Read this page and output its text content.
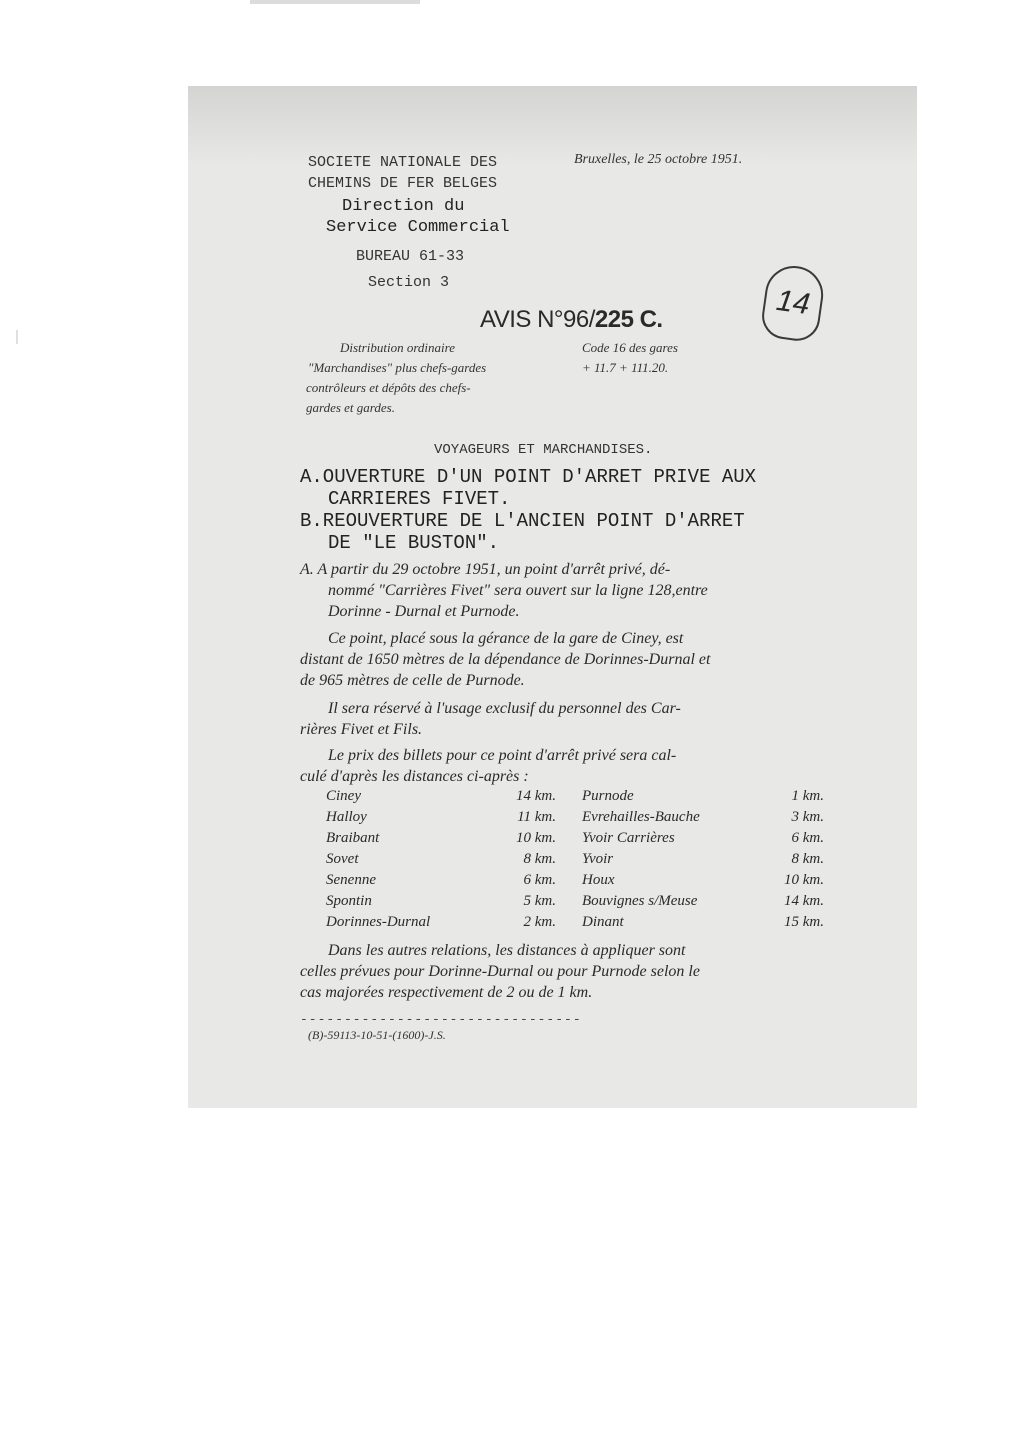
SOCIETE NATIONALE DES
CHEMINS DE FER BELGES
Direction du
Service Commercial
BUREAU 61-33
Section 3
Bruxelles, le 25 octobre 1951.
14
AVIS N°96/225 C.
Distribution ordinaire
"Marchandises" plus chefs-gardes
contrôleurs et dépôts des chefs-
gardes et gardes.
Code 16 des gares
+ 11.7 + 111.20.
VOYAGEURS ET MARCHANDISES.
A.OUVERTURE D'UN POINT D'ARRET PRIVE AUX
CARRIERES FIVET.
B.REOUVERTURE DE L'ANCIEN POINT D'ARRET
DE "LE BUSTON".
A. A partir du 29 octobre 1951, un point d'arrêt privé, dé-
nommé "Carrières Fivet" sera ouvert sur la ligne 128,entre
Dorinne - Durnal et Purnode.
Ce point, placé sous la gérance de la gare de Ciney, est
distant de 1650 mètres de la dépendance de Dorinnes-Durnal et
de 965 mètres de celle de Purnode.
Il sera réservé à l'usage exclusif du personnel des Car-
rières Fivet et Fils.
Le prix des billets pour ce point d'arrêt privé sera cal-
culé d'après les distances ci-après :
Ciney	14 km. Purnode	1 km.
Halloy	11 km. Evrehailles-Bauche	3 km.
Braibant	10 km. Yvoir Carrières	6 km.
Sovet	8 km. Yvoir	8 km.
Senenne	6 km. Houx	10 km.
Spontin	5 km. Bouvignes s/Meuse	14 km.
Dorinnes-Durnal	2 km. Dinant	15 km.
Dans les autres relations, les distances à appliquer sont
celles prévues pour Dorinne-Durnal ou pour Purnode selon le
cas majorées respectivement de 2 ou de 1 km.
--------------------------------
(B)-59113-10-51-(1600)-J.S.
